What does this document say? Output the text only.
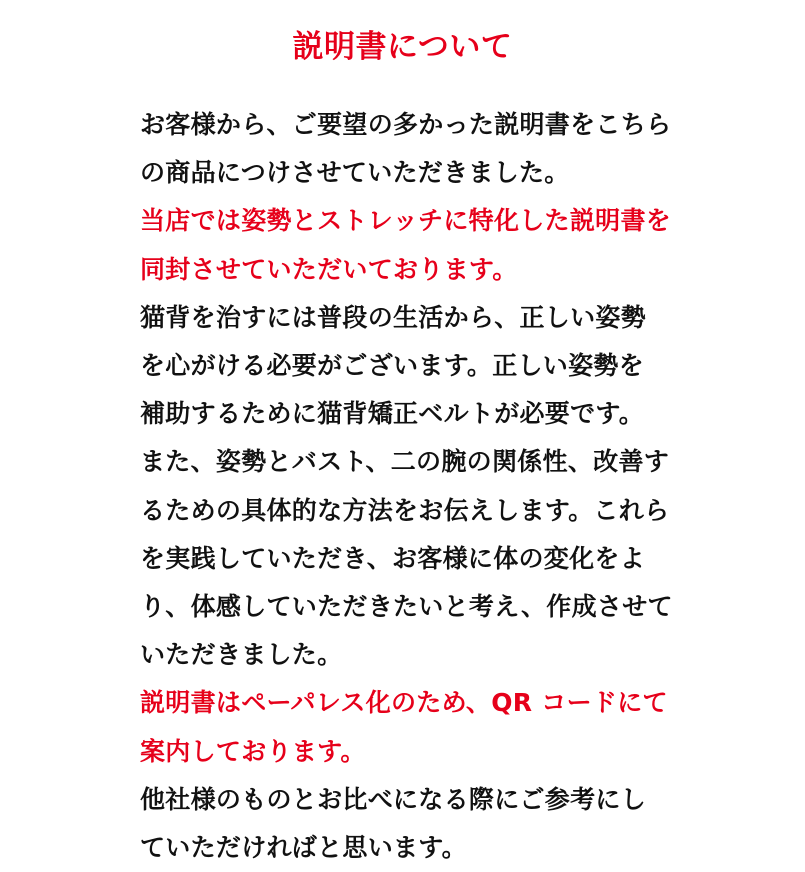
説明書について
お客様から、ご要望の多かった説明書をこちら
の商品につけさせていただきました。
当店では姿勢とストレッチに特化した説明書を
同封させていただいております。
猫背を治すには普段の生活から、正しい姿勢
を心がける必要がございます。正しい姿勢を
補助するために猫背矯正ベルトが必要です。
また、姿勢とバスト、二の腕の関係性、改善す
るための具体的な方法をお伝えします。これら
を実践していただき、お客様に体の変化をよ
り、体感していただきたいと考え、作成させて
いただきました。
説明書はペーパレス化のため、QR コードにて
案内しております。
他社様のものとお比べになる際にご参考にし
ていただければと思います。
